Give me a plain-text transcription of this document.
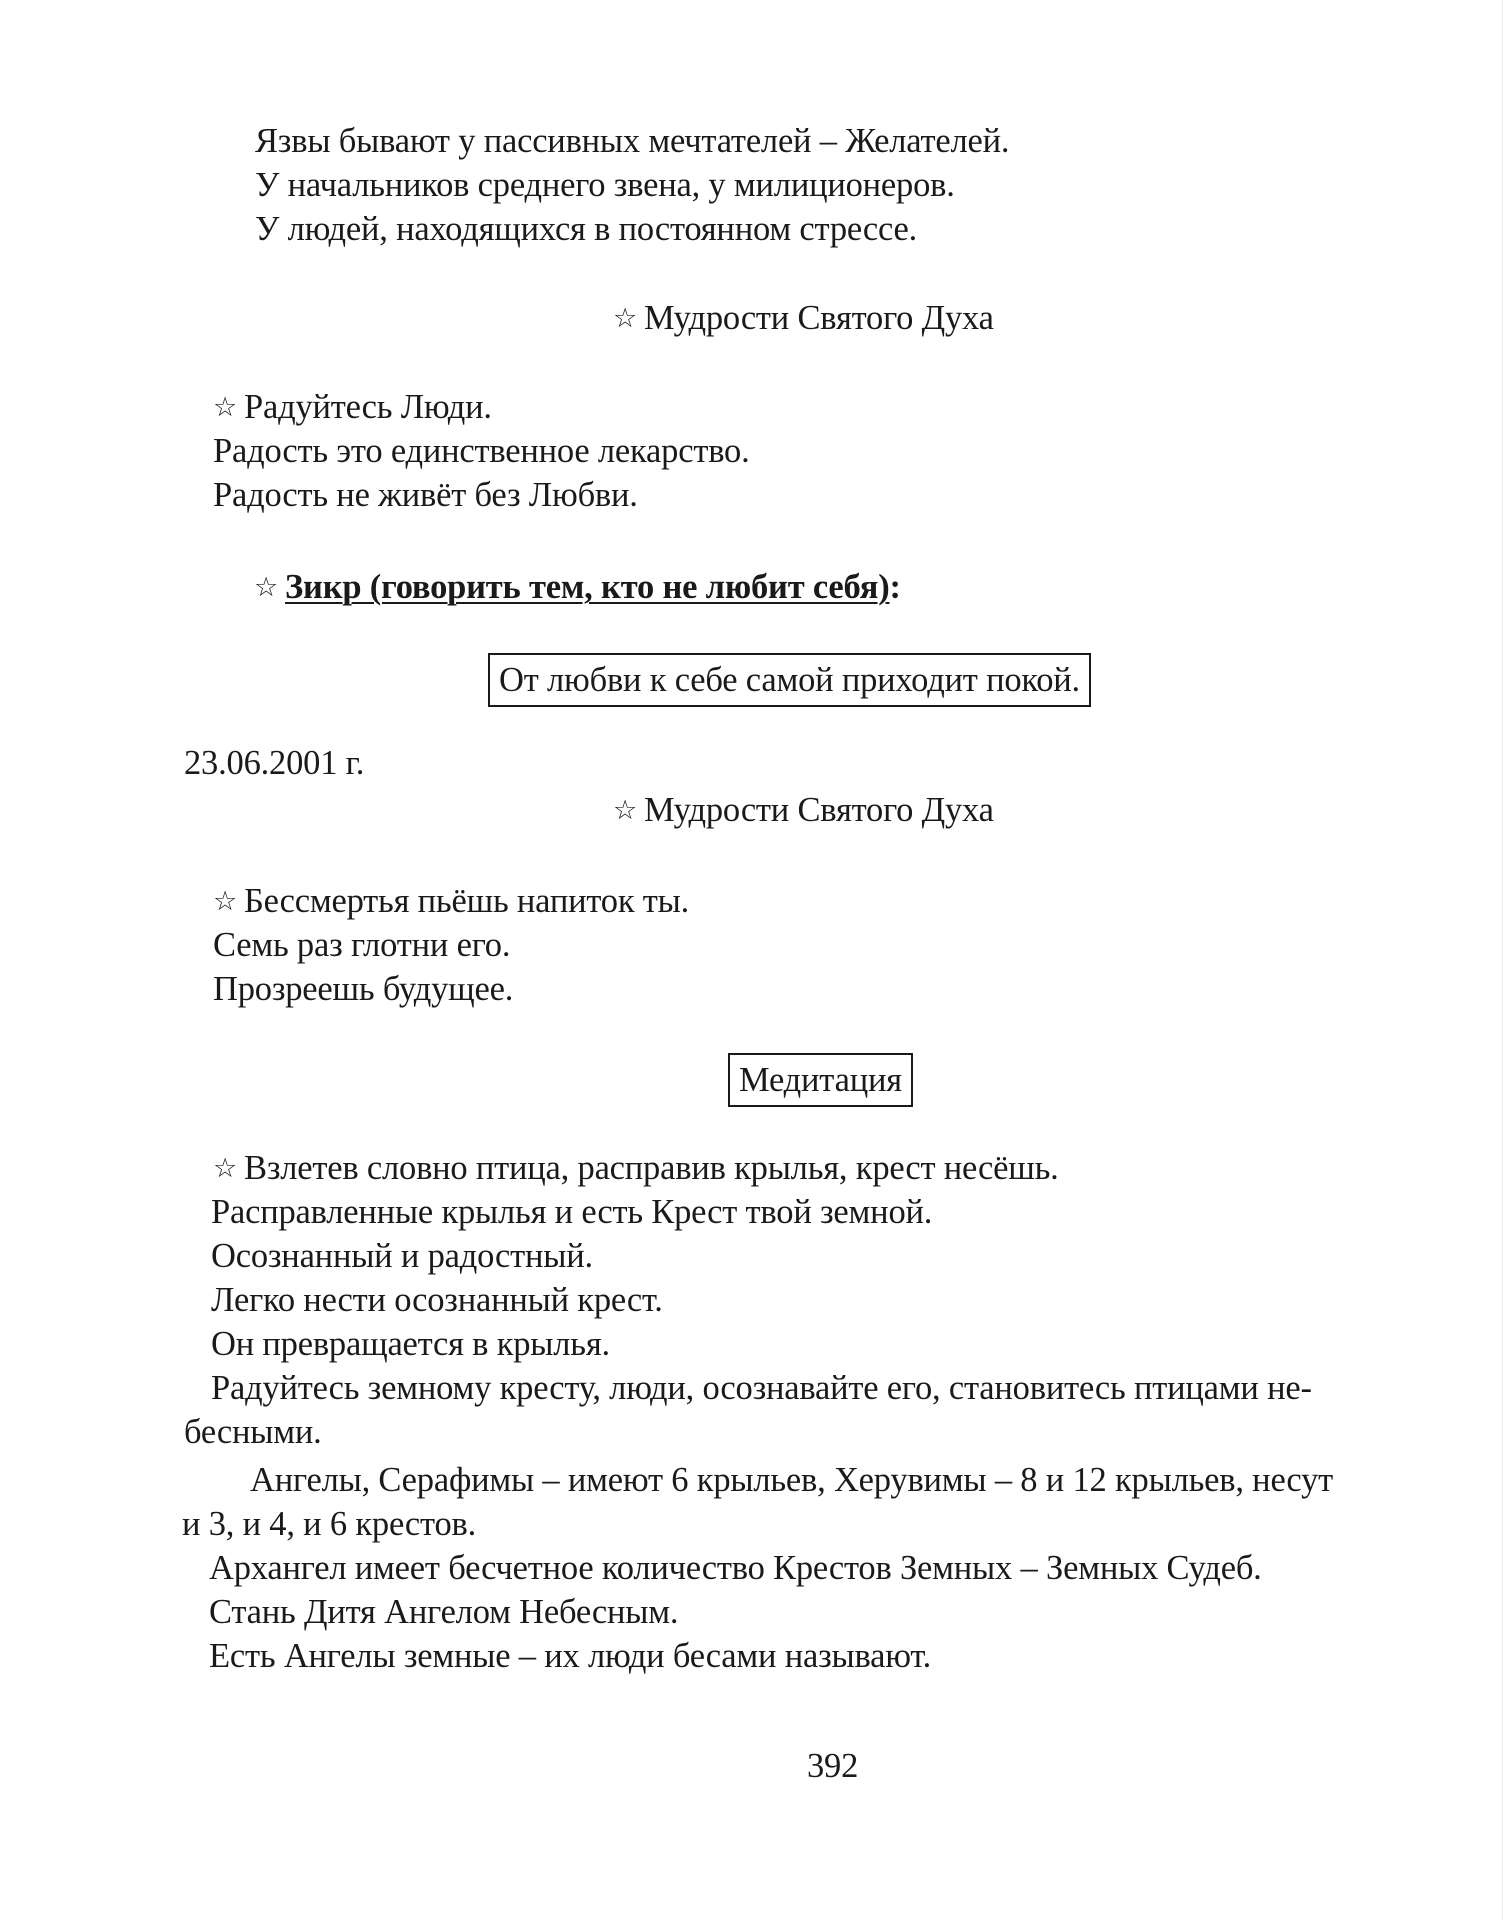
Язвы бывают у пассивных мечтателей – Желателей.
У начальников среднего звена, у милиционеров.
У людей, находящихся в постоянном стрессе.
☆ Мудрости Святого Духа
☆ Радуйтесь Люди.
Радость это единственное лекарство.
Радость не живёт без Любви.
☆ Зикр (говорить тем, кто не любит себя):
От любви к себе самой приходит покой.
23.06.2001 г.
☆ Мудрости Святого Духа
☆ Бессмертья пьёшь напиток ты.
Семь раз глотни его.
Прозреешь будущее.
Медитация
☆ Взлетев словно птица, расправив крылья, крест несёшь.
Расправленные крылья и есть Крест твой земной.
Осознанный и радостный.
Легко нести осознанный крест.
Он превращается в крылья.
Радуйтесь земному кресту, люди, осознавайте его, становитесь птицами не-
бесными.
Ангелы, Серафимы – имеют 6 крыльев, Херувимы – 8 и 12 крыльев, несут
и 3, и 4, и 6 крестов.
Архангел имеет бесчетное количество Крестов Земных – Земных Судеб.
Стань Дитя Ангелом Небесным.
Есть Ангелы земные – их люди бесами называют.
392
